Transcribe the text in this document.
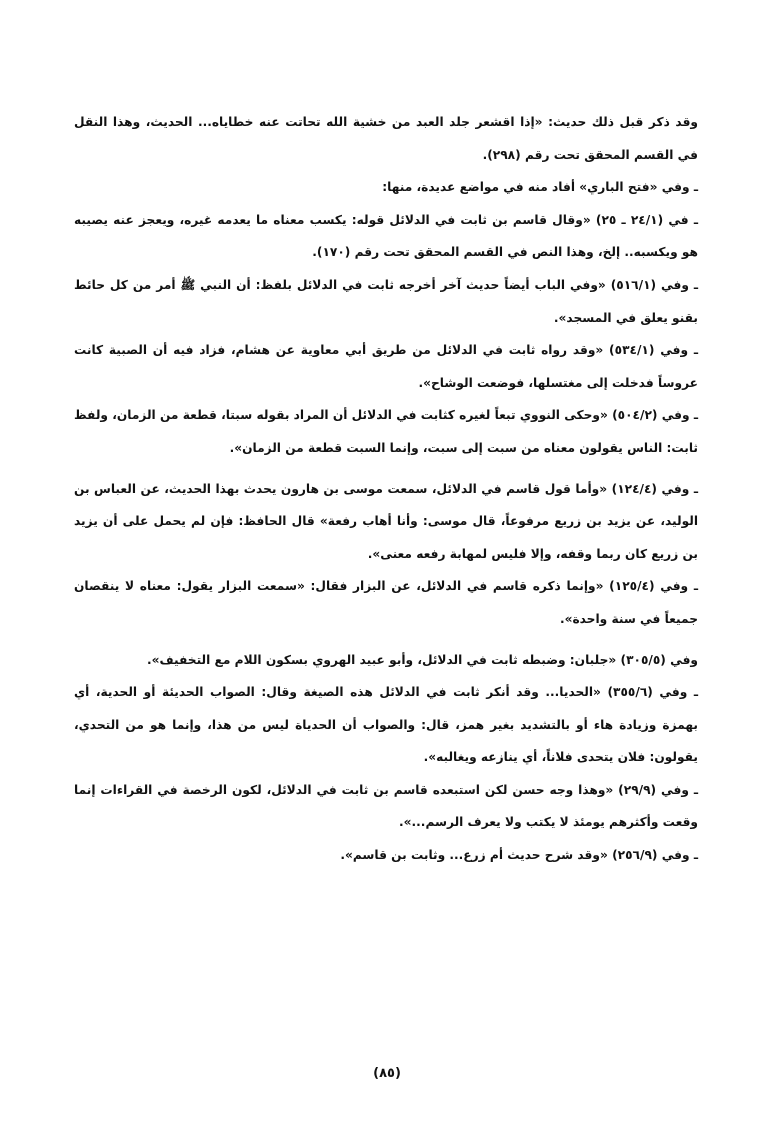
وقد ذكر قبل ذلك حديث: «إذا اقشعر جلد العبد من خشية الله تحاتت عنه خطاياه... الحديث، وهذا النقل في القسم المحقق تحت رقم (٢٩٨).

ـ وفي «فتح الباري» أفاد منه في مواضع عديدة، منها:

ـ في (٢٤/١ ـ ٢٥) «وقال قاسم بن ثابت في الدلائل قوله: يكسب معناه ما يعدمه غيره، ويعجز عنه يصيبه هو ويكسبه.. إلخ، وهذا النص في القسم المحقق تحت رقم (١٧٠).

ـ وفي (٥١٦/١) «وفي الباب أيضاً حديث آخر أخرجه ثابت في الدلائل بلفظ: أن النبي ﷺ أمر من كل حائط بقنو يعلق في المسجد».

ـ وفي (٥٣٤/١) «وقد رواه ثابت في الدلائل من طريق أبي معاوية عن هشام، فزاد فيه أن الصبية كانت عروساً فدخلت إلى مغتسلها، فوضعت الوشاح».

ـ وفي (٥٠٤/٢) «وحكى النووي تبعاً لغيره كثابت في الدلائل أن المراد بقوله سبتا، قطعة من الزمان، ولفظ ثابت: الناس يقولون معناه من سبت إلى سبت، وإنما السبت قطعة من الزمان».

ـ وفي (١٢٤/٤) «وأما قول قاسم في الدلائل، سمعت موسى بن هارون يحدث بهذا الحديث، عن العباس بن الوليد، عن يزيد بن زريع مرفوعاً، قال موسى: وأنا أهاب رفعة» قال الحافظ: فإن لم يحمل على أن يزيد بن زريع كان ربما وقفه، وإلا فليس لمهابة رفعه معنى».

ـ وفي (١٢٥/٤) «وإنما ذكره قاسم في الدلائل، عن البزار فقال: «سمعت البزار يقول: معناه لا ينقصان جميعاً في سنة واحدة».

وفي (٣٠٥/٥) «جلبان: وضبطه ثابت في الدلائل، وأبو عبيد الهروي بسكون اللام مع التخفيف».

ـ وفي (٣٥٥/٦) «الحديا... وقد أنكر ثابت في الدلائل هذه الصيغة وقال: الصواب الحديئة أو الحدية، أي بهمزة وزيادة هاء أو بالتشديد بغير همز، قال: والصواب أن الحدياة ليس من هذا، وإنما هو من التحدي، يقولون: فلان يتحدى فلاناً، أي ينازعه ويغالبه».

ـ وفي (٢٩/٩) «وهذا وجه حسن لكن استبعده قاسم بن ثابت في الدلائل، لكون الرخصة في القراءات إنما وقعت وأكثرهم يومئذ لا يكتب ولا يعرف الرسم...».

ـ وفي (٢٥٦/٩) «وقد شرح حديث أم زرع... وثابت بن قاسم».

(٨٥)
